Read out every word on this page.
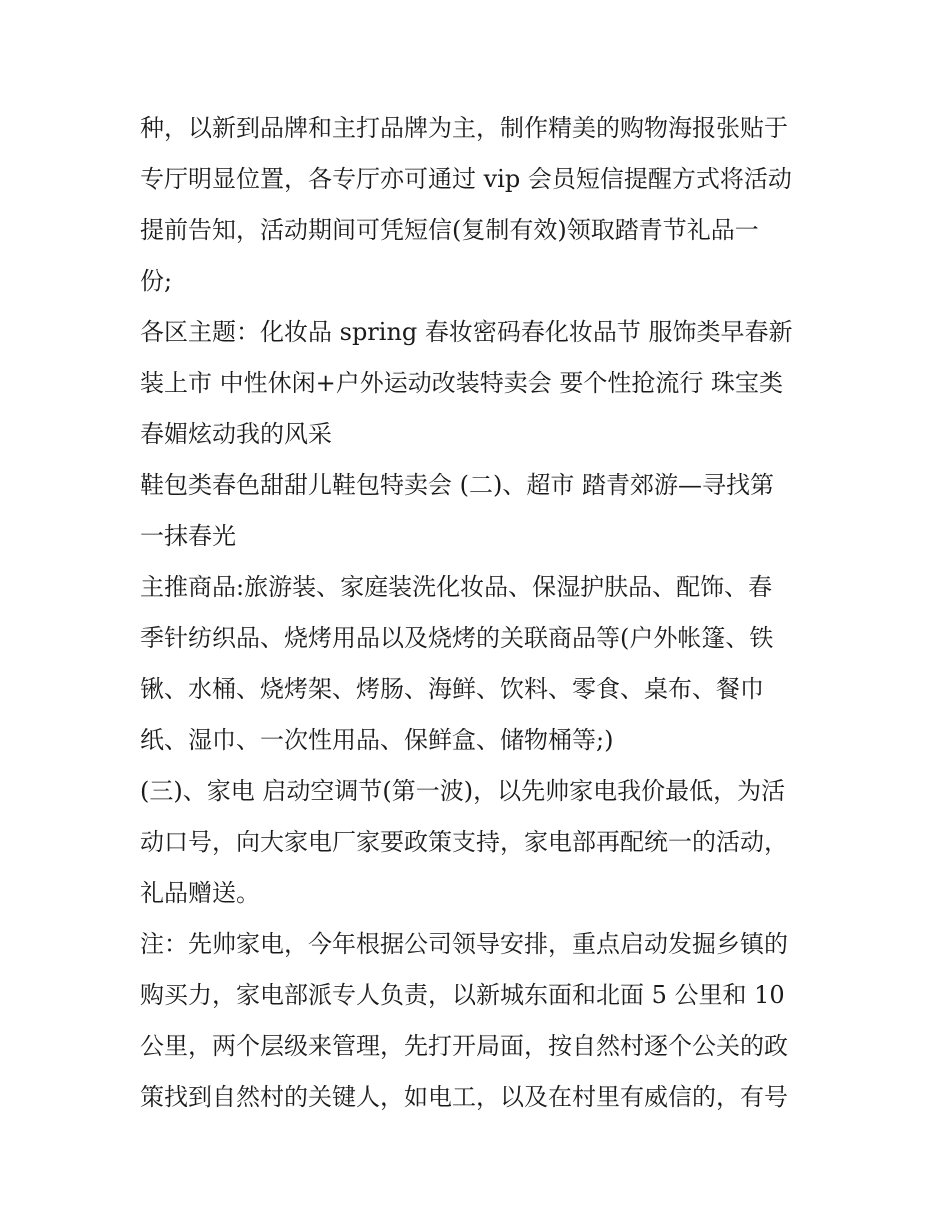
种，以新到品牌和主打品牌为主，制作精美的购物海报张贴于
专厅明显位置，各专厅亦可通过 vip 会员短信提醒方式将活动
提前告知，活动期间可凭短信(复制有效)领取踏青节礼品一
份;
各区主题：化妆品 spring 春妆密码春化妆品节 服饰类早春新
装上市 中性休闲+户外运动改装特卖会 要个性抢流行 珠宝类
春媚炫动我的风采
鞋包类春色甜甜儿鞋包特卖会 (二)、超市 踏青郊游—寻找第
一抹春光
主推商品:旅游装、家庭装洗化妆品、保湿护肤品、配饰、春
季针纺织品、烧烤用品以及烧烤的关联商品等(户外帐篷、铁
锹、水桶、烧烤架、烤肠、海鲜、饮料、零食、桌布、餐巾
纸、湿巾、一次性用品、保鲜盒、储物桶等;)
(三)、家电 启动空调节(第一波)，以先帅家电我价最低，为活
动口号，向大家电厂家要政策支持，家电部再配统一的活动，
礼品赠送。
注：先帅家电，今年根据公司领导安排，重点启动发掘乡镇的
购买力，家电部派专人负责，以新城东面和北面 5 公里和 10
公里，两个层级来管理，先打开局面，按自然村逐个公关的政
策找到自然村的关键人，如电工，以及在村里有威信的，有号
